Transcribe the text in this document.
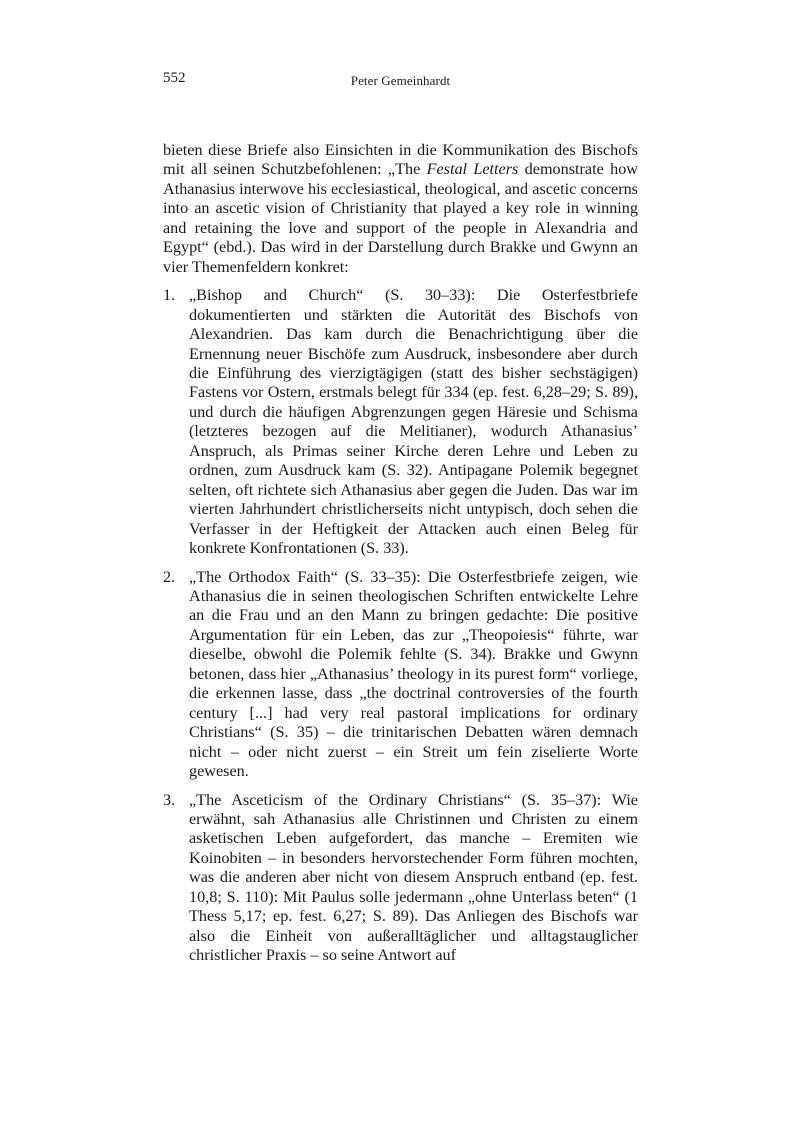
552	Peter Gemeinhardt

bieten diese Briefe also Einsichten in die Kommunikation des Bischofs mit all seinen Schutzbefohlenen: „The Festal Letters demonstrate how Athanasius interwove his ecclesiastical, theological, and ascetic concerns into an ascetic vision of Christianity that played a key role in winning and retaining the love and support of the people in Alexandria and Egypt“ (ebd.). Das wird in der Darstellung durch Brakke und Gwynn an vier Themenfeldern konkret:

1. „Bishop and Church“ (S. 30–33): Die Osterfestbriefe dokumentierten und stärkten die Autorität des Bischofs von Alexandrien. Das kam durch die Benachrichtigung über die Ernennung neuer Bischöfe zum Ausdruck, insbesondere aber durch die Einführung des vierzigtägigen (statt des bisher sechstägigen) Fastens vor Ostern, erstmals belegt für 334 (ep. fest. 6,28–29; S. 89), und durch die häufigen Abgrenzungen gegen Häresie und Schisma (letzteres bezogen auf die Melitianer), wodurch Athanasius’ Anspruch, als Primas seiner Kirche deren Lehre und Leben zu ordnen, zum Ausdruck kam (S. 32). Antipagane Polemik begegnet selten, oft richtete sich Athanasius aber gegen die Juden. Das war im vierten Jahrhundert christlicherseits nicht untypisch, doch sehen die Verfasser in der Heftigkeit der Attacken auch einen Beleg für konkrete Konfrontationen (S. 33).
2. „The Orthodox Faith“ (S. 33–35): Die Osterfestbriefe zeigen, wie Athanasius die in seinen theologischen Schriften entwickelte Lehre an die Frau und an den Mann zu bringen gedachte: Die positive Argumentation für ein Leben, das zur „Theopoiesis“ führte, war dieselbe, obwohl die Polemik fehlte (S. 34). Brakke und Gwynn betonen, dass hier „Athanasius’ theology in its purest form“ vorliege, die erkennen lasse, dass „the doctrinal controversies of the fourth century [...] had very real pastoral implications for ordinary Christians“ (S. 35) – die trinitarischen Debatten wären demnach nicht – oder nicht zuerst – ein Streit um fein ziselierte Worte gewesen.
3. „The Asceticism of the Ordinary Christians“ (S. 35–37): Wie erwähnt, sah Athanasius alle Christinnen und Christen zu einem asketischen Leben aufgefordert, das manche – Eremiten wie Koinobiten – in besonders hervorstechender Form führen mochten, was die anderen aber nicht von diesem Anspruch entband (ep. fest. 10,8; S. 110): Mit Paulus solle jedermann „ohne Unterlass beten“ (1 Thess 5,17; ep. fest. 6,27; S. 89). Das Anliegen des Bischofs war also die Einheit von außeralltäglicher und alltagstauglicher christlicher Praxis – so seine Antwort auf
